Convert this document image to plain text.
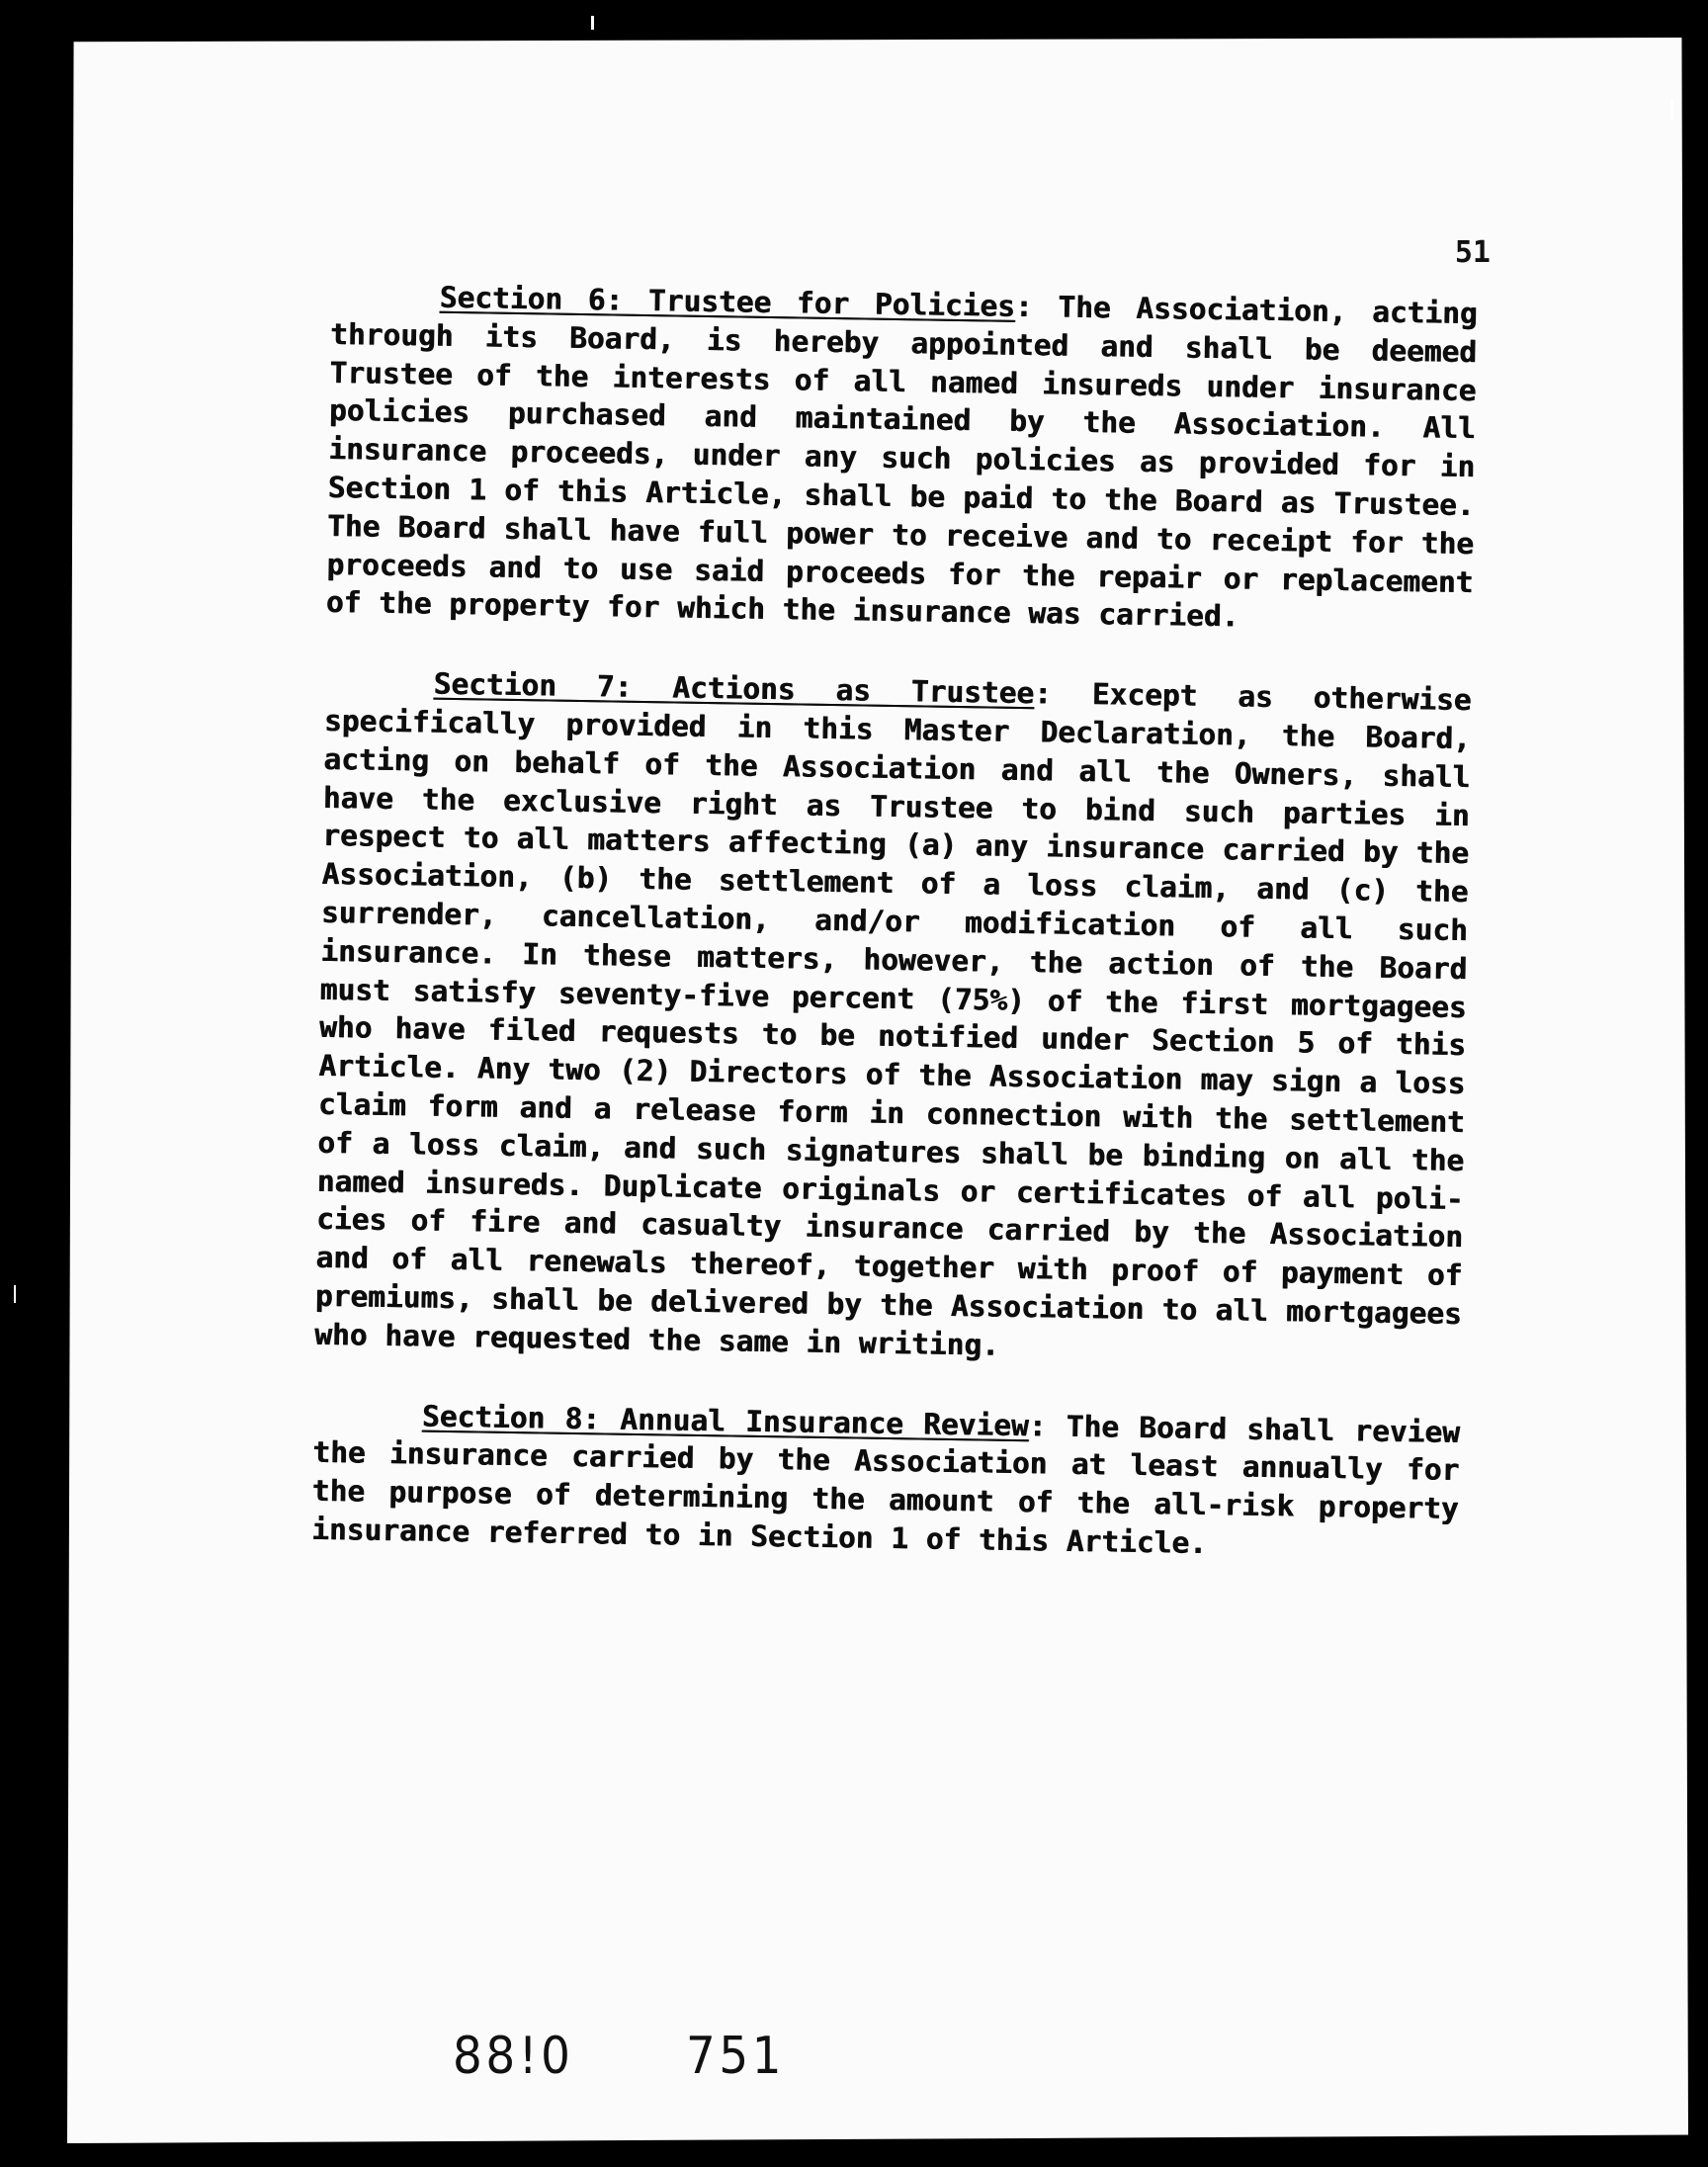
51

Section 6: Trustee for Policies: The Association, acting through its Board, is hereby appointed and shall be deemed Trustee of the interests of all named insureds under insurance policies purchased and maintained by the Association. All insurance proceeds, under any such policies as provided for in Section 1 of this Article, shall be paid to the Board as Trustee. The Board shall have full power to receive and to receipt for the proceeds and to use said proceeds for the repair or replacement of the property for which the insurance was carried.

Section 7: Actions as Trustee: Except as otherwise specifically provided in this Master Declaration, the Board, acting on behalf of the Association and all the Owners, shall have the exclusive right as Trustee to bind such parties in respect to all matters affecting (a) any insurance carried by the Association, (b) the settlement of a loss claim, and (c) the surrender, cancellation, and/or modification of all such insurance. In these matters, however, the action of the Board must satisfy seventy-five percent (75%) of the first mortgagees who have filed requests to be notified under Section 5 of this Article. Any two (2) Directors of the Association may sign a loss claim form and a release form in connection with the settlement of a loss claim, and such signatures shall be binding on all the named insureds. Duplicate originals or certificates of all policies of fire and casualty insurance carried by the Association and of all renewals thereof, together with proof of payment of premiums, shall be delivered by the Association to all mortgagees who have requested the same in writing.

Section 8: Annual Insurance Review: The Board shall review the insurance carried by the Association at least annually for the purpose of determining the amount of the all-risk property insurance referred to in Section 1 of this Article.

88!0 751
